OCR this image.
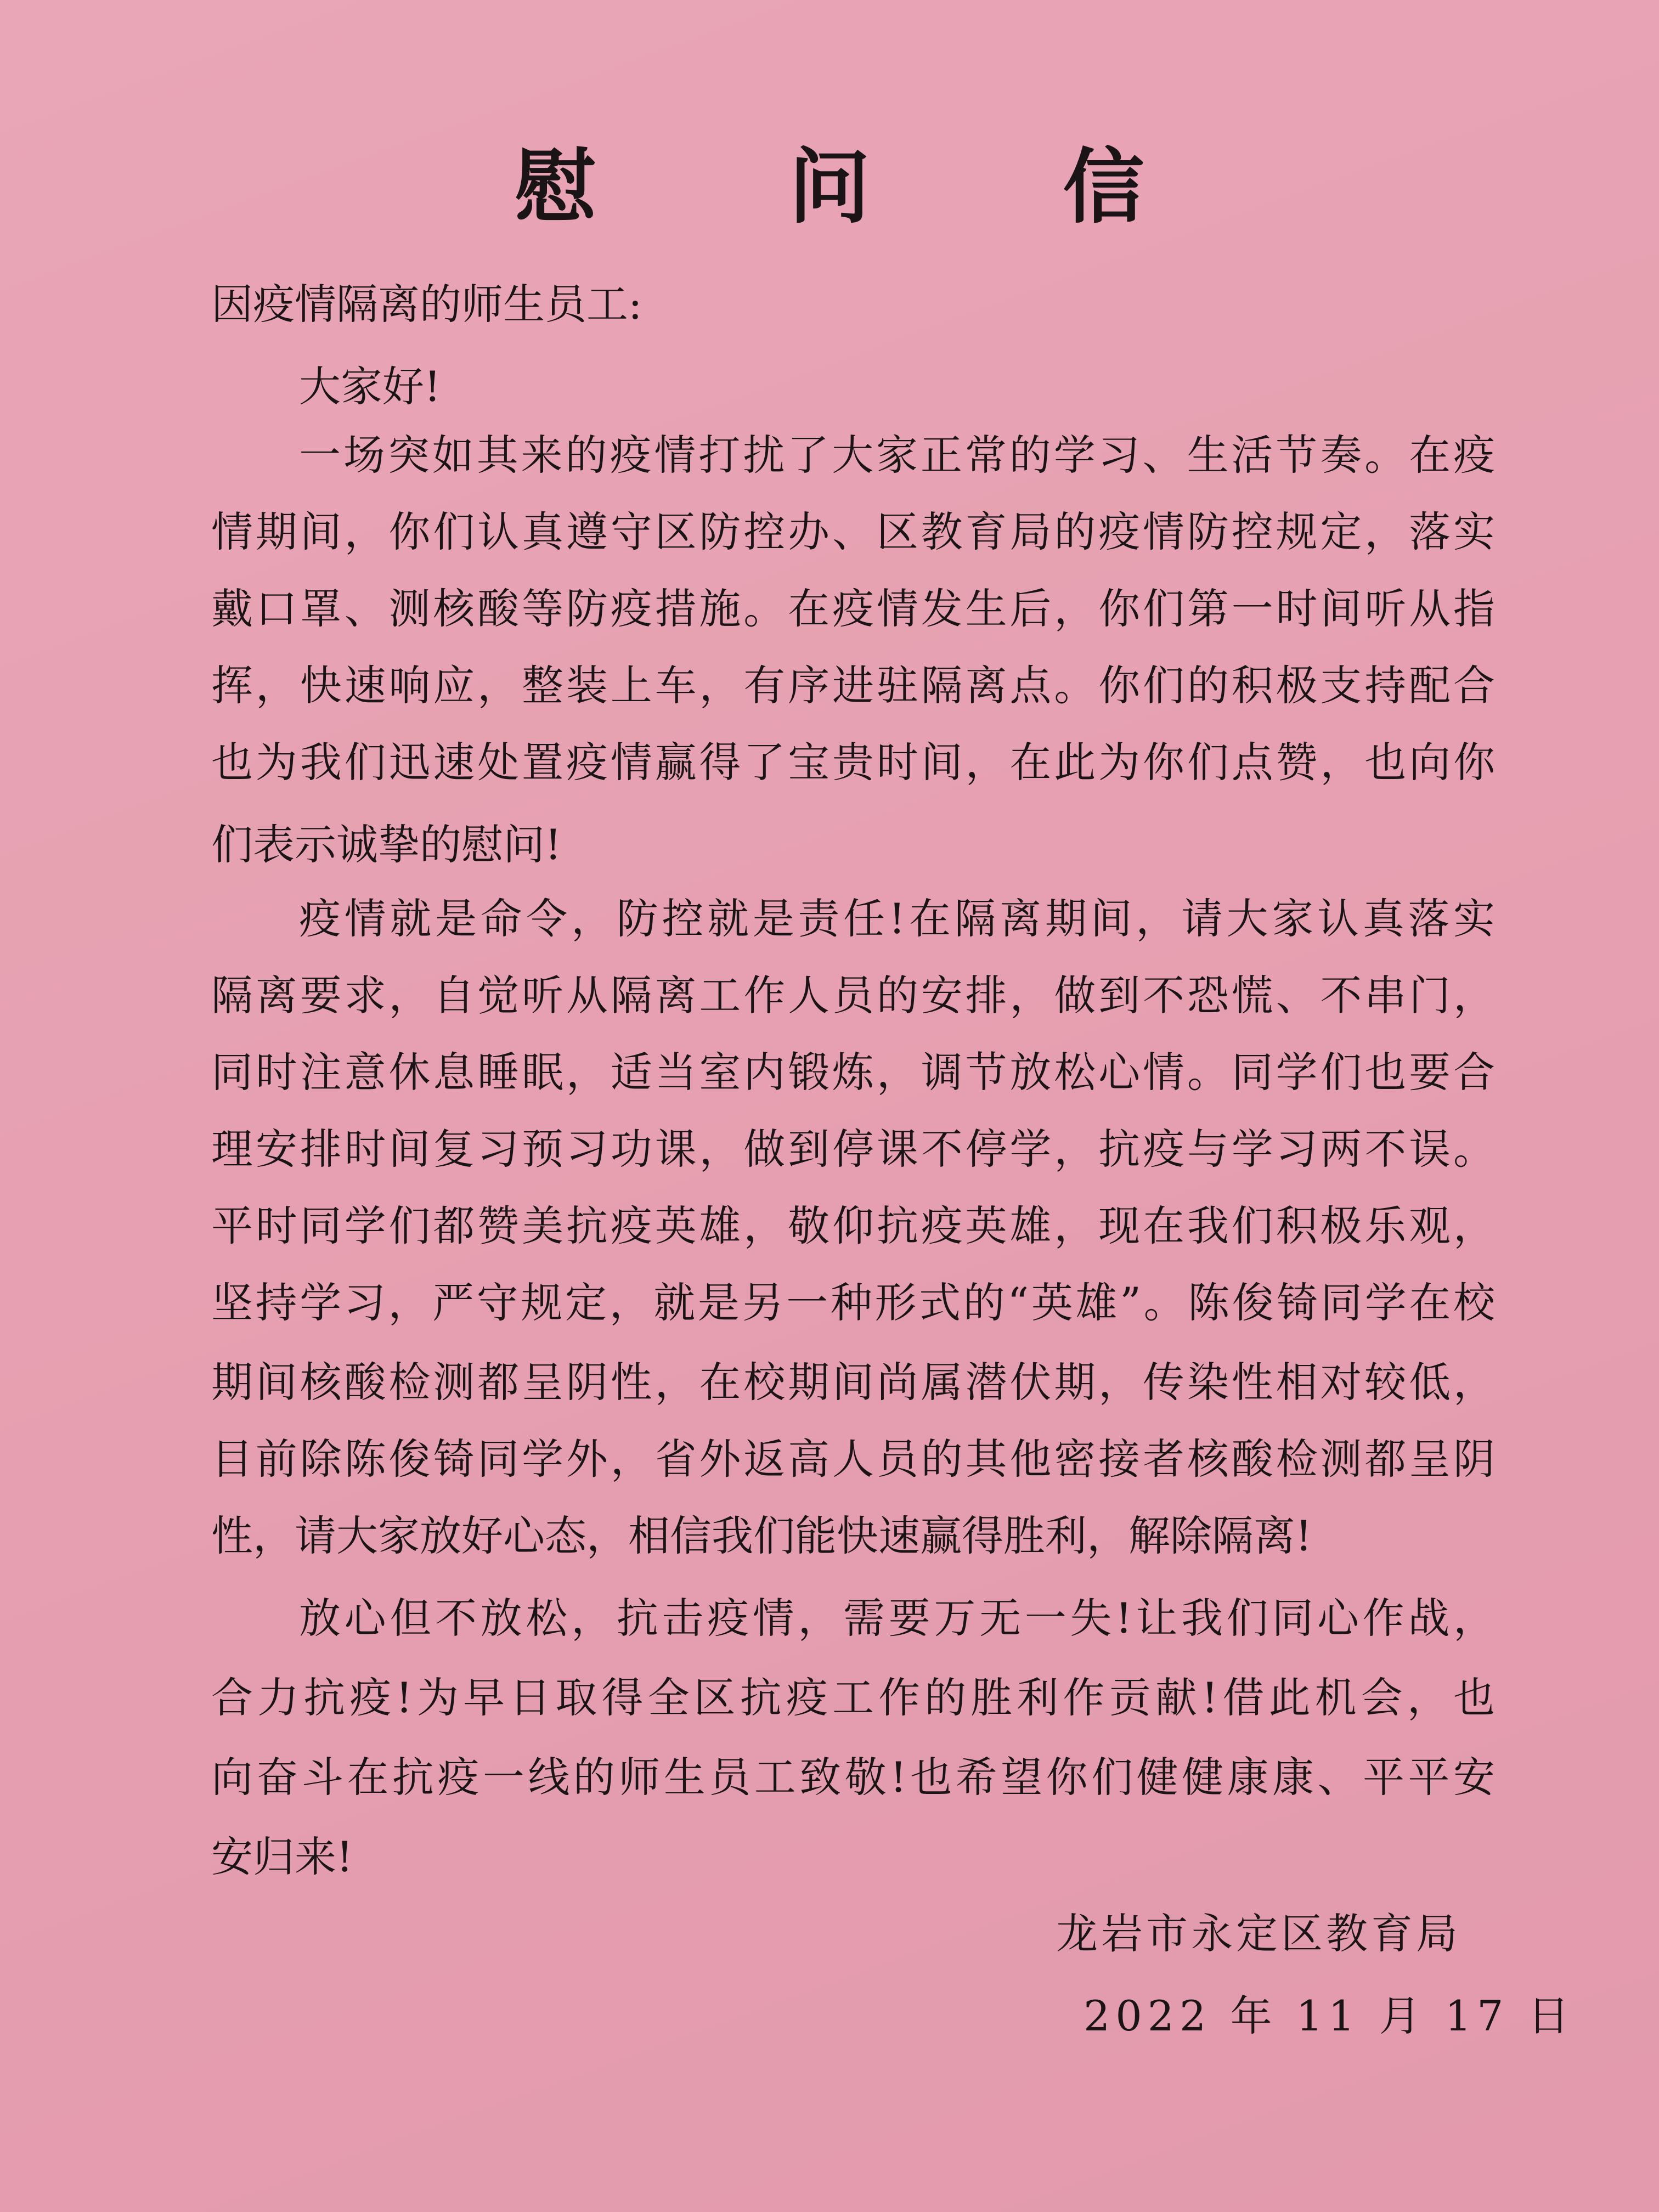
慰 问 信
因疫情隔离的师生员工:
大家好!
一场突如其来的疫情打扰了大家正常的学习、生活节奏。在疫
情期间，你们认真遵守区防控办、区教育局的疫情防控规定，落实
戴口罩、测核酸等防疫措施。在疫情发生后，你们第一时间听从指
挥，快速响应，整装上车，有序进驻隔离点。你们的积极支持配合
也为我们迅速处置疫情赢得了宝贵时间，在此为你们点赞，也向你
们表示诚挚的慰问!
疫情就是命令，防控就是责任!在隔离期间，请大家认真落实
隔离要求，自觉听从隔离工作人员的安排，做到不恐慌、不串门，
同时注意休息睡眠，适当室内锻炼，调节放松心情。同学们也要合
理安排时间复习预习功课，做到停课不停学，抗疫与学习两不误。
平时同学们都赞美抗疫英雄，敬仰抗疫英雄，现在我们积极乐观，
坚持学习，严守规定，就是另一种形式的“英雄”。陈俊锜同学在校
期间核酸检测都呈阴性，在校期间尚属潜伏期，传染性相对较低，
目前除陈俊锜同学外，省外返高人员的其他密接者核酸检测都呈阴
性，请大家放好心态，相信我们能快速赢得胜利，解除隔离!
放心但不放松，抗击疫情，需要万无一失!让我们同心作战，
合力抗疫!为早日取得全区抗疫工作的胜利作贡献!借此机会，也
向奋斗在抗疫一线的师生员工致敬!也希望你们健健康康、平平安
安归来!
龙岩市永定区教育局
2022 年 11 月 17 日
